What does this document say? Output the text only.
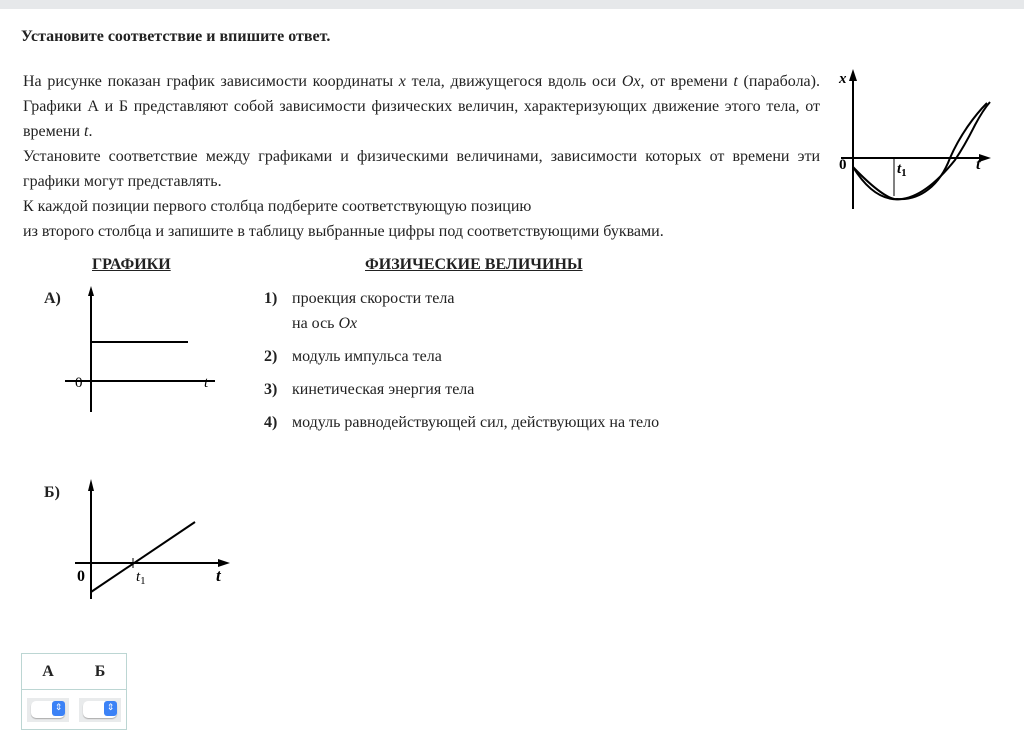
Установите соответствие и впишите ответ.

На рисунке показан график зависимости координаты x тела, движущегося вдоль оси Ox, от времени t (парабола). Графики А и Б представляют собой зависимости физических величин, характеризующих движение этого тела, от времени t.

Установите соответствие между графиками и физическими величинами, зависимости которых от времени эти графики могут представлять.

К каждой позиции первого столбца подберите соответствующую позицию

из второго столбца и запишите в таблицу выбранные цифры под соответствующими буквами.

x
0	t
$t_1$
ГРАФИКИ	ФИЗИЧЕСКИЕ ВЕЛИЧИНЫ
А)
0	t
Б)
0	t
$t_1$
1) проекция скорости тела
на ось Ox
2) модуль импульса тела
3) кинетическая энергия тела
4) модуль равнодействующей сил, действующих на тело
А	Б

⇕	⇕
